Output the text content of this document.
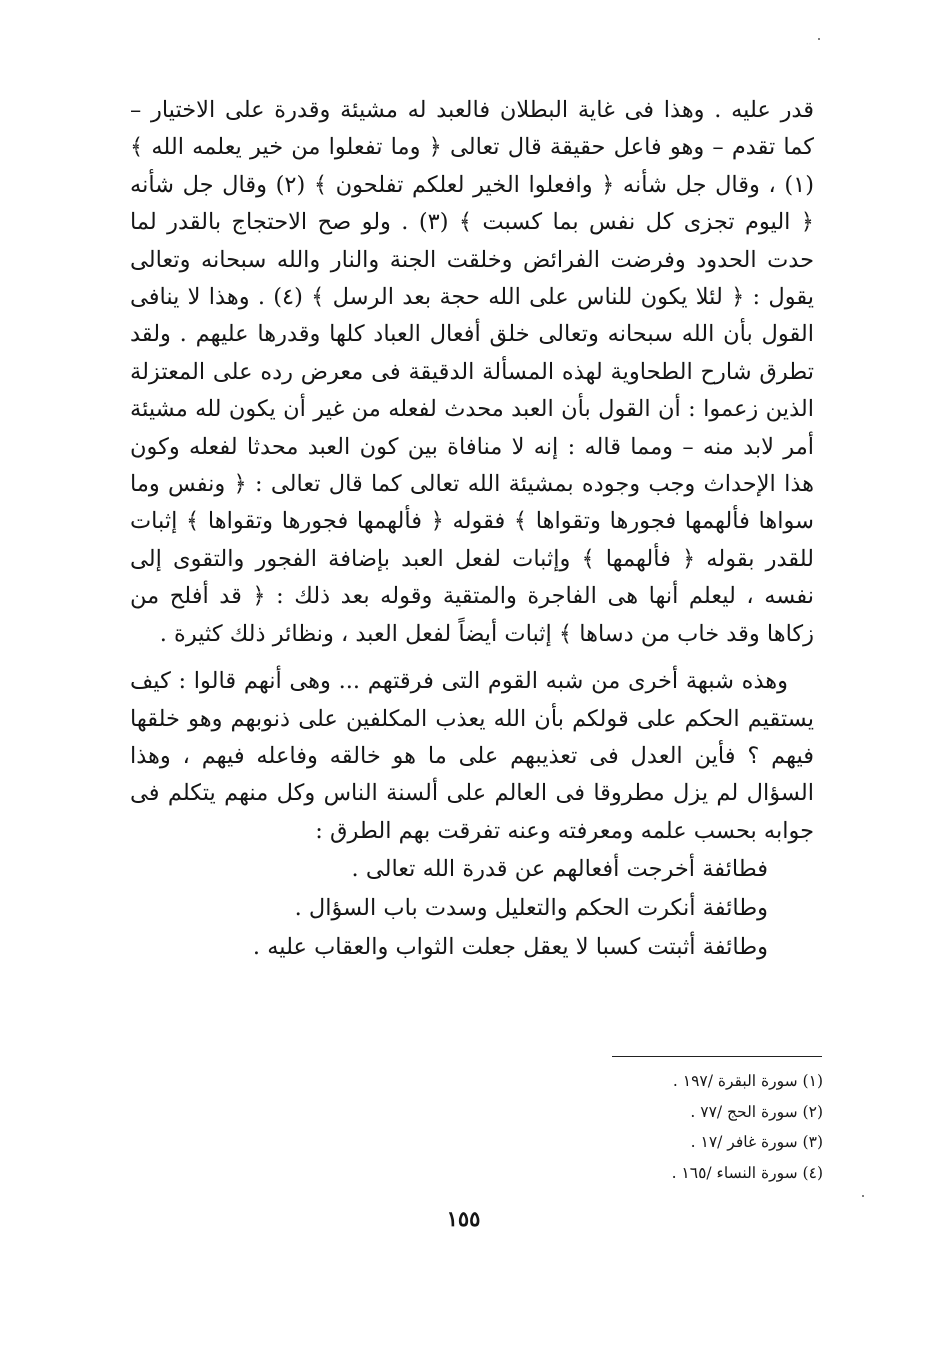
قدر عليه . وهذا فى غاية البطلان فالعبد له مشيئة وقدرة على الاختيار – كما تقدم – وهو فاعل حقيقة قال تعالى ﴿ وما تفعلوا من خير يعلمه الله ﴾ (١) ، وقال جل شأنه ﴿ وافعلوا الخير لعلكم تفلحون ﴾ (٢) وقال جل شأنه ﴿ اليوم تجزى كل نفس بما كسبت ﴾ (٣) . ولو صح الاحتجاج بالقدر لما حدت الحدود وفرضت الفرائض وخلقت الجنة والنار والله سبحانه وتعالى يقول : ﴿ لئلا يكون للناس على الله حجة بعد الرسل ﴾ (٤) . وهذا لا ينافى القول بأن الله سبحانه وتعالى خلق أفعال العباد كلها وقدرها عليهم . ولقد تطرق شارح الطحاوية لهذه المسألة الدقيقة فى معرض رده على المعتزلة الذين زعموا : أن القول بأن العبد محدث لفعله من غير أن يكون لله مشيئة أمر لابد منه – ومما قاله : إنه لا منافاة بين كون العبد محدثا لفعله وكون هذا الإحداث وجب وجوده بمشيئة الله تعالى كما قال تعالى : ﴿ ونفس وما سواها فألهمها فجورها وتقواها ﴾ فقوله ﴿ فألهمها فجورها وتقواها ﴾ إثبات للقدر بقوله ﴿ فألهمها ﴾ وإثبات لفعل العبد بإضافة الفجور والتقوى إلى نفسه ، ليعلم أنها هى الفاجرة والمتقية وقوله بعد ذلك : ﴿ قد أفلح من زكاها وقد خاب من دساها ﴾ إثبات أيضاً لفعل العبد ، ونظائر ذلك كثيرة .

وهذه شبهة أخرى من شبه القوم التى فرقتهم ... وهى أنهم قالوا : كيف يستقيم الحكم على قولكم بأن الله يعذب المكلفين على ذنوبهم وهو خلقها فيهم ؟ فأين العدل فى تعذيبهم على ما هو خالقه وفاعله فيهم ، وهذا السؤال لم يزل مطروقا فى العالم على ألسنة الناس وكل منهم يتكلم فى جوابه بحسب علمه ومعرفته وعنه تفرقت بهم الطرق :

فطائفة أخرجت أفعالهم عن قدرة الله تعالى .
وطائفة أنكرت الحكم والتعليل وسدت باب السؤال .
وطائفة أثبتت كسبا لا يعقل جعلت الثواب والعقاب عليه .
(١) سورة البقرة /١٩٧ .
(٢) سورة الحج /٧٧ .
(٣) سورة غافر /١٧ .
(٤) سورة النساء /١٦٥ .
١٥٥
